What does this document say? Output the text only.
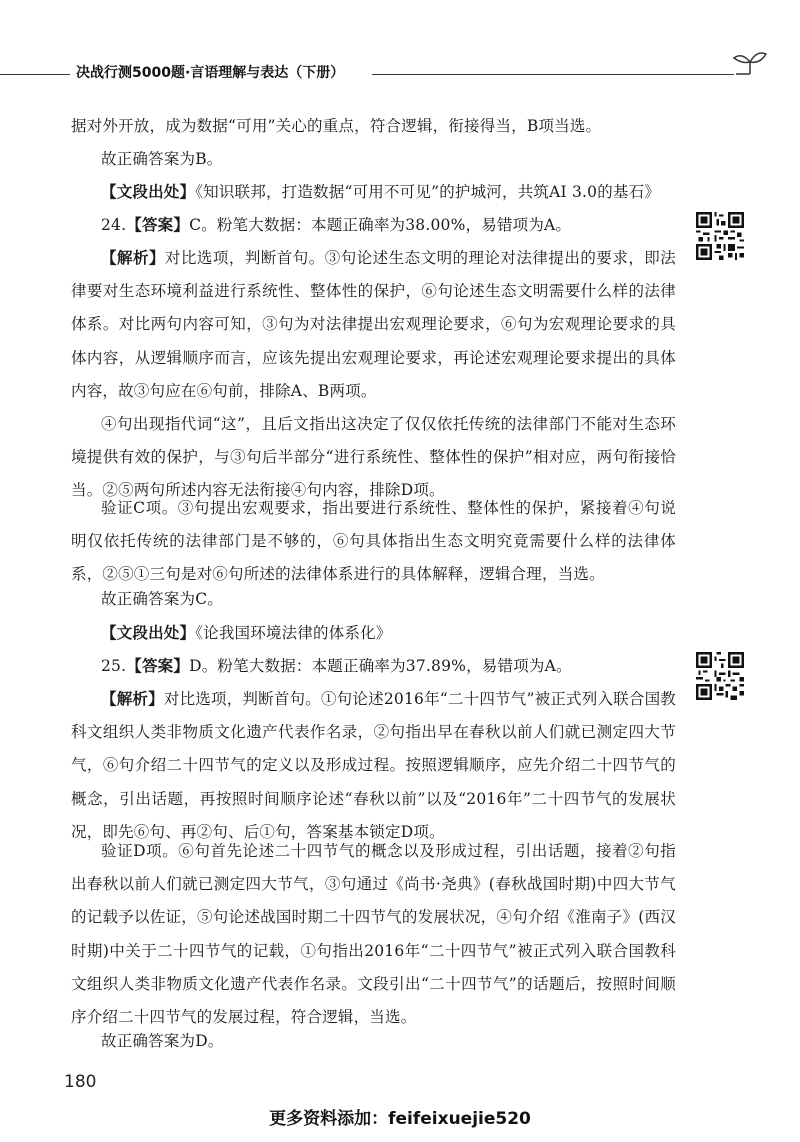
决战行测5000题·言语理解与表达（下册）

据对外开放，成为数据“可用”关心的重点，符合逻辑，衔接得当，B项当选。

故正确答案为B。

【文段出处】《知识联邦，打造数据“可用不可见”的护城河，共筑AI 3.0的基石》

24.【答案】C。粉笔大数据：本题正确率为38.00%，易错项为A。

【解析】对比选项，判断首句。③句论述生态文明的理论对法律提出的要求，即法律要对生态环境利益进行系统性、整体性的保护，⑥句论述生态文明需要什么样的法律体系。对比两句内容可知，③句为对法律提出宏观理论要求，⑥句为宏观理论要求的具体内容，从逻辑顺序而言，应该先提出宏观理论要求，再论述宏观理论要求提出的具体内容，故③句应在⑥句前，排除A、B两项。

④句出现指代词“这”，且后文指出这决定了仅仅依托传统的法律部门不能对生态环境提供有效的保护，与③句后半部分“进行系统性、整体性的保护”相对应，两句衔接恰当。②⑤两句所述内容无法衔接④句内容，排除D项。

验证C项。③句提出宏观要求，指出要进行系统性、整体性的保护，紧接着④句说明仅依托传统的法律部门是不够的，⑥句具体指出生态文明究竟需要什么样的法律体系，②⑤①三句是对⑥句所述的法律体系进行的具体解释，逻辑合理，当选。

故正确答案为C。

【文段出处】《论我国环境法律的体系化》

25.【答案】D。粉笔大数据：本题正确率为37.89%，易错项为A。

【解析】对比选项，判断首句。①句论述2016年“二十四节气”被正式列入联合国教科文组织人类非物质文化遗产代表作名录，②句指出早在春秋以前人们就已测定四大节气，⑥句介绍二十四节气的定义以及形成过程。按照逻辑顺序，应先介绍二十四节气的概念，引出话题，再按照时间顺序论述“春秋以前”以及“2016年”二十四节气的发展状况，即先⑥句、再②句、后①句，答案基本锁定D项。

验证D项。⑥句首先论述二十四节气的概念以及形成过程，引出话题，接着②句指出春秋以前人们就已测定四大节气，③句通过《尚书·尧典》(春秋战国时期)中四大节气的记载予以佐证，⑤句论述战国时期二十四节气的发展状况，④句介绍《淮南子》(西汉时期)中关于二十四节气的记载，①句指出2016年“二十四节气”被正式列入联合国教科文组织人类非物质文化遗产代表作名录。文段引出“二十四节气”的话题后，按照时间顺序介绍二十四节气的发展过程，符合逻辑，当选。

故正确答案为D。

180
更多资料添加：feifeixuejie520
